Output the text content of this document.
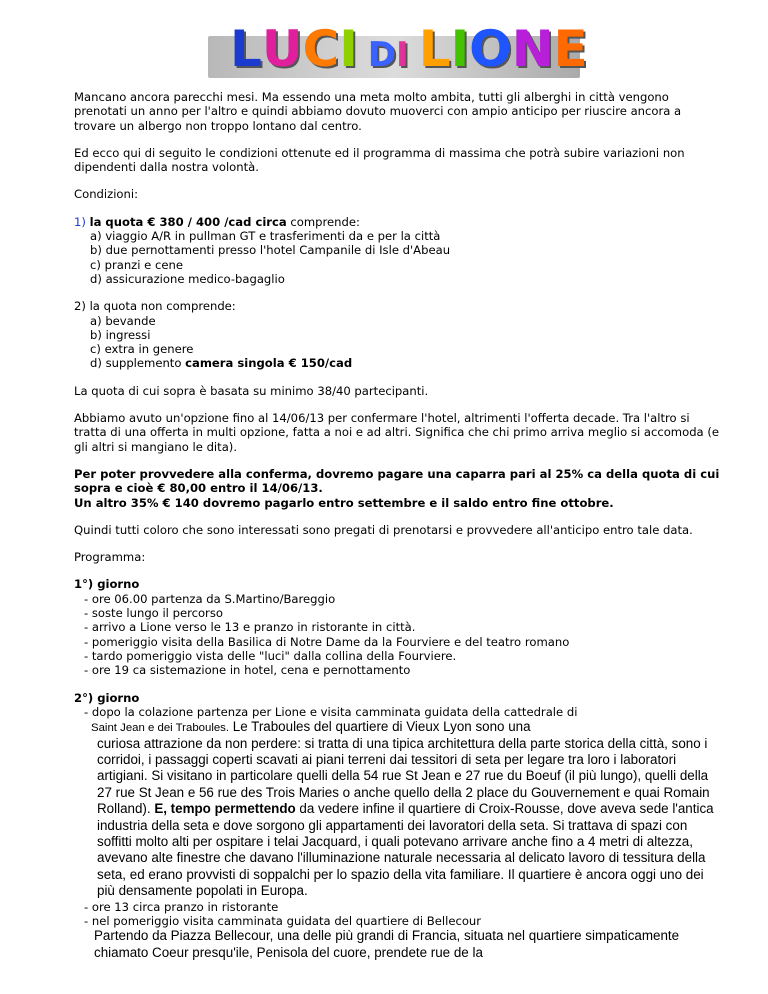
LUCI DI LIONE

Mancano ancora parecchi mesi. Ma essendo una meta molto ambita, tutti gli alberghi in città vengono prenotati un anno per l'altro e quindi abbiamo dovuto muoverci con ampio anticipo per riuscire ancora a trovare un albergo non troppo lontano dal centro.

Ed ecco qui di seguito le condizioni ottenute ed il programma di massima che potrà subire variazioni non dipendenti dalla nostra volontà.

Condizioni:

1) la quota € 380 / 400 /cad circa comprende:
a) viaggio A/R in pullman GT e trasferimenti da e per la città
b) due pernottamenti presso l'hotel Campanile di Isle d'Abeau
c) pranzi e cene
d) assicurazione medico-bagaglio
2) la quota non comprende:
a) bevande
b) ingressi
c) extra in genere
d) supplemento camera singola € 150/cad

La quota di cui sopra è basata su minimo 38/40 partecipanti.

Abbiamo avuto un'opzione fino al 14/06/13 per confermare l'hotel, altrimenti l'offerta decade. Tra l'altro si tratta di una offerta in multi opzione, fatta a noi e ad altri. Significa che chi primo arriva meglio si accomoda (e gli altri si mangiano le dita).

Per poter provvedere alla conferma, dovremo pagare una caparra pari al 25% ca della quota di cui sopra e cioè € 80,00 entro il 14/06/13.
Un altro 35% € 140 dovremo pagarlo entro settembre e il saldo entro fine ottobre.

Quindi tutti coloro che sono interessati sono pregati di prenotarsi e provvedere all'anticipo entro tale data.

Programma:

1°) giorno
- ore 06.00 partenza da S.Martino/Bareggio
- soste lungo il percorso
- arrivo a Lione verso le 13 e pranzo in ristorante in città.
- pomeriggio visita della Basilica di Notre Dame da la Fourviere e del teatro romano
- tardo pomeriggio vista delle "luci" dalla collina della Fourviere.
- ore 19 ca sistemazione in hotel, cena e pernottamento
2°) giorno
- dopo la colazione partenza per Lione e visita camminata guidata della cattedrale di
Saint Jean e dei Traboules. Le Traboules del quartiere di Vieux Lyon sono una
curiosa attrazione da non perdere: si tratta di una tipica architettura della parte storica della città, sono i corridoi, i passaggi coperti scavati ai piani terreni dai tessitori di seta per legare tra loro i laboratori artigiani. Si visitano in particolare quelli della 54 rue St Jean e 27 rue du Boeuf (il più lungo), quelli della 27 rue St Jean e 56 rue des Trois Maries o anche quello della 2 place du Gouvernement e quai Romain Rolland). E, tempo permettendo da vedere infine il quartiere di Croix-Rousse, dove aveva sede l'antica industria della seta e dove sorgono gli appartamenti dei lavoratori della seta. Si trattava di spazi con soffitti molto alti per ospitare i telai Jacquard, i quali potevano arrivare anche fino a 4 metri di altezza, avevano alte finestre che davano l'illuminazione naturale necessaria al delicato lavoro di tessitura della seta, ed erano provvisti di soppalchi per lo spazio della vita familiare. Il quartiere è ancora oggi uno dei più densamente popolati in Europa.
- ore 13 circa pranzo in ristorante
- nel pomeriggio visita camminata guidata del quartiere di Bellecour
Partendo da Piazza Bellecour, una delle più grandi di Francia, situata nel quartiere simpaticamente chiamato Coeur presqu'ile, Penisola del cuore, prendete rue de la
